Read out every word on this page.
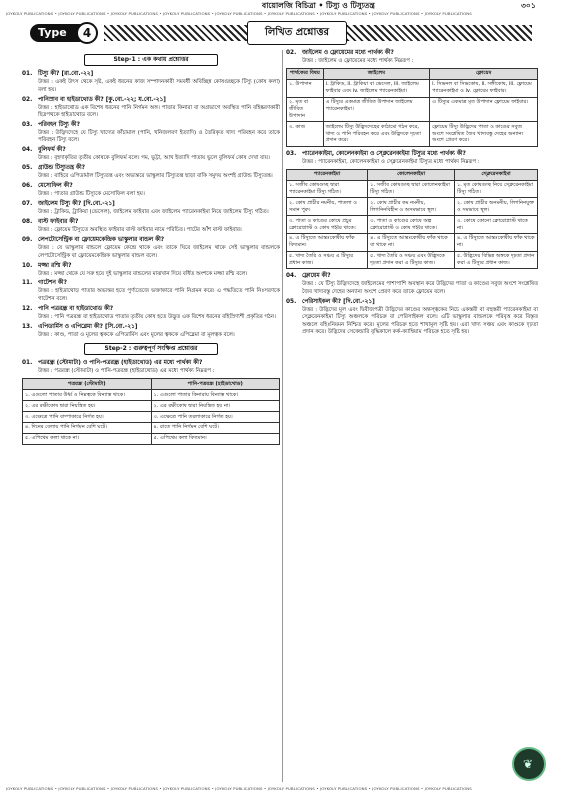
বায়োলজি বিচিত্রা • টিস্যু ও টিস্যুতন্ত্র	৩০১
JOYKOLY PUBLICATIONS • JOYKOLY PUBLICATIONS • JOYKOLY PUBLICATIONS • JOYKOLY PUBLICATIONS • JOYKOLY PUBLICATIONS • JOYKOLY PUBLICATIONS • JOYKOLY PUBLICATIONS • JOYKOLY PUBLICATIONS • JOYKOLY PUBLICATIONS
Type	4	লিখিত প্রশ্নোত্তর
Step-1 : এক কথায় প্রশ্নোত্তর
01. টিস্যু কী? [রা.বো.-২২]
উত্তর : একই উৎস থেকে সৃষ্ট, একই ধরনের কাজ সম্পাদনকারী সমবর্ধী অবিচ্ছিন্ন কোষগুচ্ছকে টিস্যু (কোষ কলা) বলা হয়।
02. পানিস্রাব বা হাইডাথোড কী? [কু.বো.-২২; য.বো.-২১]
উত্তর : হাইডাথোড এক বিশেষ ধরনের পানি নির্গমন অঙ্গ। পাতার কিনারা বা অগ্রভাগে অবস্থিত পানি বহিষ্করণকারী ছিদ্রপথকে হাইডাথোড বলে।
03. পরিবহন টিস্যু কী?
উত্তর : উদ্ভিদদেহে যে টিস্যু খাদ্যের কাঁচামাল (পানি, খনিজলবণ ইত্যাদি) ও তৈরিকৃত খাদ্য পরিবহন করে তাকে পরিবহন টিস্যু বলে।
04. বুলিফর্ম কী?
উত্তর : বৃহদাকৃতির তৃতীয় কোষকে বুলিফর্ম বলে। গম, ভুট্টা, আখ ইত্যাদি পাতায় ভুলে বুলিফর্ম কোষ দেখা যায়।
05. গ্রাউন্ড টিস্যুতন্ত্র কী?
উত্তর : বাহিরে এপিডার্মাল টিস্যুতন্ত্র এবং অভ্যন্তরে ভাস্কুলার টিস্যুতন্ত্র ছাড়া বাকি সমুদয় অংশই গ্রাউন্ড টিস্যুতন্ত্র।
06. মেসোফিল কী?
উত্তর : পাতার গ্রাউন্ড টিস্যুকে মেসোফিল বলা হয়।
07. জাইলেম টিস্যু কী? [দি.বো.-২১]
উত্তর : ট্রাকিড, ট্রাকিয়া (ভেসেল), জাইলেম ফাইবার এবং জাইলেম প্যারেনকাইমা নিয়ে জাইলেম টিস্যু গঠিত।
08. বাস্ট ফাইবার কী?
উত্তর : ফ্লোয়েম টিস্যুতে অবস্থিত ফাইবার বাস্ট ফাইবার নামে পরিচিত। পাটের আঁশ বাস্ট ফাইবার।
09. লেপটোসেন্ট্রিক বা ফ্লোয়েমকেন্দ্রিক ভাস্কুলার বান্ডল কী?
উত্তর : যে ভাস্কুলার বান্ডলে ফ্লোয়েম কেন্দ্রে থাকে এবং তাকে ঘিরে জাইলেম থাকে সেই ভাস্কুলার বান্ডলকে লেপটোসেন্ট্রিক বা ফ্লোয়েমকেন্দ্রিক ভাস্কুলার বান্ডল বলে।
10. মজ্জা রশ্মি কী?
উত্তর : মজ্জা থেকে যে সরু হয়ে দুই ভাস্কুলার বান্ডলের মাঝখান দিয়ে বর্ধিত অংশকে মজ্জা রশ্মি বলে।
11. গাটেশন কী?
উত্তর : হাইডাথোড় পাতার অভ্যন্তর হতে পুর্ণ্যতেজে ভক্তাকারে পানি নিগ্রমন করে। এ পদ্ধতিতে পানি নিঃসরণকে গাটেশন বলে।
12. পানি পত্ররন্ধ্র বা হাইডাথোড কী?
উত্তর : পানি পত্ররন্ধ্র বা হাইডাথোড পাতার তৃতীয় কোষ হতে উদ্ভূত এক বিশেষ ধরনের বহিস্রিণ্যশী প্রকৃতির গঠন।
13. এপিডার্মিস ও এপিব্লেমা কী? [সি.বো.-২১]
উত্তর : কাণ্ড, পাতা ও মূলের ত্বককে এপিডার্মিস এবং মূলের ত্বককে এপিব্লেমা বা মূলত্বক বলে।
Step-2 : গুরুত্বপূর্ণ সংক্ষিপ্ত প্রশ্নোত্তর
01. পত্ররন্ধ্র (স্টোমাটা) ও পানি-পত্ররন্ধ্র (হাইডাথোড) এর মধ্যে পার্থক্য কী?
উত্তর : পত্ররন্ধ্র (স্টোমাটা) ও পানি-পত্ররন্ধ্র (হাইডাথোড) এর মধ্যে পার্থক্য নিম্নরূপ :
পত্ররন্ধ্র (স্টোমাটা)	পানি-পত্ররন্ধ্র (হাইডাথোড)
১. এগুলো পাতার উর্ধ্ব ও নিম্নত্বকে বিন্যাস্ত থাকে।	১. এগুলো পাতার কিনারায় বিন্যাস্ত থাকে।
২. এর রক্ষীকোষ দ্বারা নিয়ন্ত্রিত হয়।	২. এর রক্ষীকোষ দ্বারা নিয়ন্ত্রিত হয় না।
৩. এক্ষেত্রে পানি বাষ্পাকারে নির্গত হয়।	৩. এক্ষেত্রে পানি তরলাকারে নির্গত হয়।
৪. দিনের বেলায় পানি নির্গমন বেশি ঘটে।	৪. রাতে পানি নির্গমন বেশি ঘটে।
৫. এপিথেম কলা থাকে না।	৫. এপিথেম কলা বিদ্যমান।
02. জাইলেম ও ফ্লোয়েমের মধ্যে পার্থক্য কী?
উত্তর : জাইলেম ও ফ্লোয়েমের মধ্যে পার্থক্য নিম্নরূপ :
পার্থক্যের বিষয়	জাইলেম	ফ্লোয়েম
১. উপাদান	i. ট্রাকিড, ii. ট্রাকিয়া বা ভেসেল, iii. জাইলেম ফাইবার এবং iv. জাইলেম প্যারেনকাইমা।	i. সিভনল বা সিভকোষ, ii. সঙ্গীকোষ, iii. ফ্লোয়েম প্যারেনকাইমা ও iv. ফ্লোয়েম ফাইবার।
২. মৃত বা জীবিত উপাদান	এ টিস্যুর একমাত্র জীবিত উপাদান জাইলেম প্যারেনকাইমা।	এ টিস্যুর একমাত্র মৃত উপাদান ফ্লোয়েম ফাইবার।
৩. কাজ	জাইলেম টিস্যু উদ্ভিদদেহের কাঠামো গঠন করে, খাদ্য ও পানি পরিবহন করে এবং উদ্ভিদকে দৃঢ়তা প্রদান করে।	ফ্লোয়েম টিস্যু উদ্ভিদের পাতা ও কাণ্ডের সবুজ অংশে সংশ্লেষিত জৈব খাদ্যবস্তু দেহের অন্যান্য অংশে প্রেরণ করে।
03. প্যারেনকাইমা, কোলেনকাইমা ও স্ক্লেরেনকাইমা টিস্যুর মধ্যে পার্থক্য কী?
উত্তর : প্যারেনকাইমা, কোলেনকাইমা ও স্ক্লেরেনকাইমা টিস্যুর মধ্যে পার্থক্য নিম্নরূপ :
প্যারেনকাইমা	কোলেনকাইমা	স্ক্লেরেনকাইমা
১. সজীব কোষগুচ্ছ দ্বারা প্যারেনকাইমা টিস্যু গঠিত।	১. সজীব কোষগুচ্ছ দ্বারা কোলেনকাইমা টিস্যু গঠিত।	১. মৃত কোষগুচ্ছ নিয়ে স্ক্লেরেনকাইমা টিস্যু গঠিত।
২. কোষ প্রাচীর নমনীয়, পাতলা ও সমান পুরু।	২. কোষ প্রাচীর কম নমনীয়, লিগনিনবিহীন ও অসমভাবে স্থূল।	২. কোষ প্রাচীর অনমনীয়, লিগনিনযুক্ত ও সমভাবে স্থূল।
৩. পাতা ও কাণ্ডের কোষে প্রচুর ক্লোরোপ্লাস্ট ও কোষ গহ্বর থাকে।	৩. পাতা ও কাণ্ডের কোষে অল্প ক্লোরোপ্লাস্ট ও কোষ গহ্বর থাকে।	৩. কোষে কোনো ক্লোরোপ্লাস্ট থাকে না।
৪. এ টিস্যুতে আন্তঃকোষীয় ফাঁক বিদ্যমান।	৪. এ টিস্যুতে আন্তঃকোষীয় ফাঁক থাকে বা থাকে না।	৪. এ টিস্যুতে আন্তঃকোষীয় ফাঁক থাকে না।
৫. খাদ্য তৈরি ও সঞ্চয় এ টিস্যুর প্রধান কাজ।	৫. খাদ্য তৈরি ও সঞ্চয় এবং উদ্ভিদকে দৃঢ়তা প্রদান করা এ টিস্যুর কাজ।	৫. উদ্ভিদের বিভিন্ন অঙ্গকে দৃঢ়তা প্রদান করা এ টিস্যুর প্রধান কাজ।
04. ফ্লোয়েম কী?
উত্তর : যে টিস্যু উদ্ভিদদেহে জাইলেমের পাশাপাশি অবস্থান করে উদ্ভিদের পাতা ও কাণ্ডের সবুজ অংশে সংশ্লেষিত জৈব খাদ্যবস্তু দেহের অন্যান্য অংশে প্রেরণ করে তাকে ফ্লোয়েম বলে।
05. পেরিসাইকল কী? [দি.বো.-২১]
উত্তর : উদ্ভিদের মূল এবং দ্বিবীজপত্রী উদ্ভিদের কাণ্ডের অন্তস্ত্বকের নিচে একস্তরী বা বহুস্তরী প্যারেনকাইমা বা স্ক্লেরেনকাইমা টিস্যু অঞ্চলকে পরিচক্র বা পেরিসাইকল বলে। এটি ভাস্কুলার বান্ডলকে পরিবৃত্ত করে বিস্তৃত অঞ্চলে বহিঃনিয়মন নিশ্চিত করে। মূলের পরিচক্র হতে শাখামূল সৃষ্টি হয়। এরা খাদ্য সঞ্চয় এবং কাণ্ডকে দৃঢ়তা প্রদান করে। উদ্ভিদের সেকেন্ডারি বৃদ্ধিকালে কর্ক-ক্যাম্বিয়াম পরিচক্র হতে সৃষ্টি হয়।
JOYKOLY PUBLICATIONS • JOYKOLY PUBLICATIONS • JOYKOLY PUBLICATIONS • JOYKOLY PUBLICATIONS • JOYKOLY PUBLICATIONS • JOYKOLY PUBLICATIONS • JOYKOLY PUBLICATIONS • JOYKOLY PUBLICATIONS • JOYKOLY PUBLICATIONS
❦
